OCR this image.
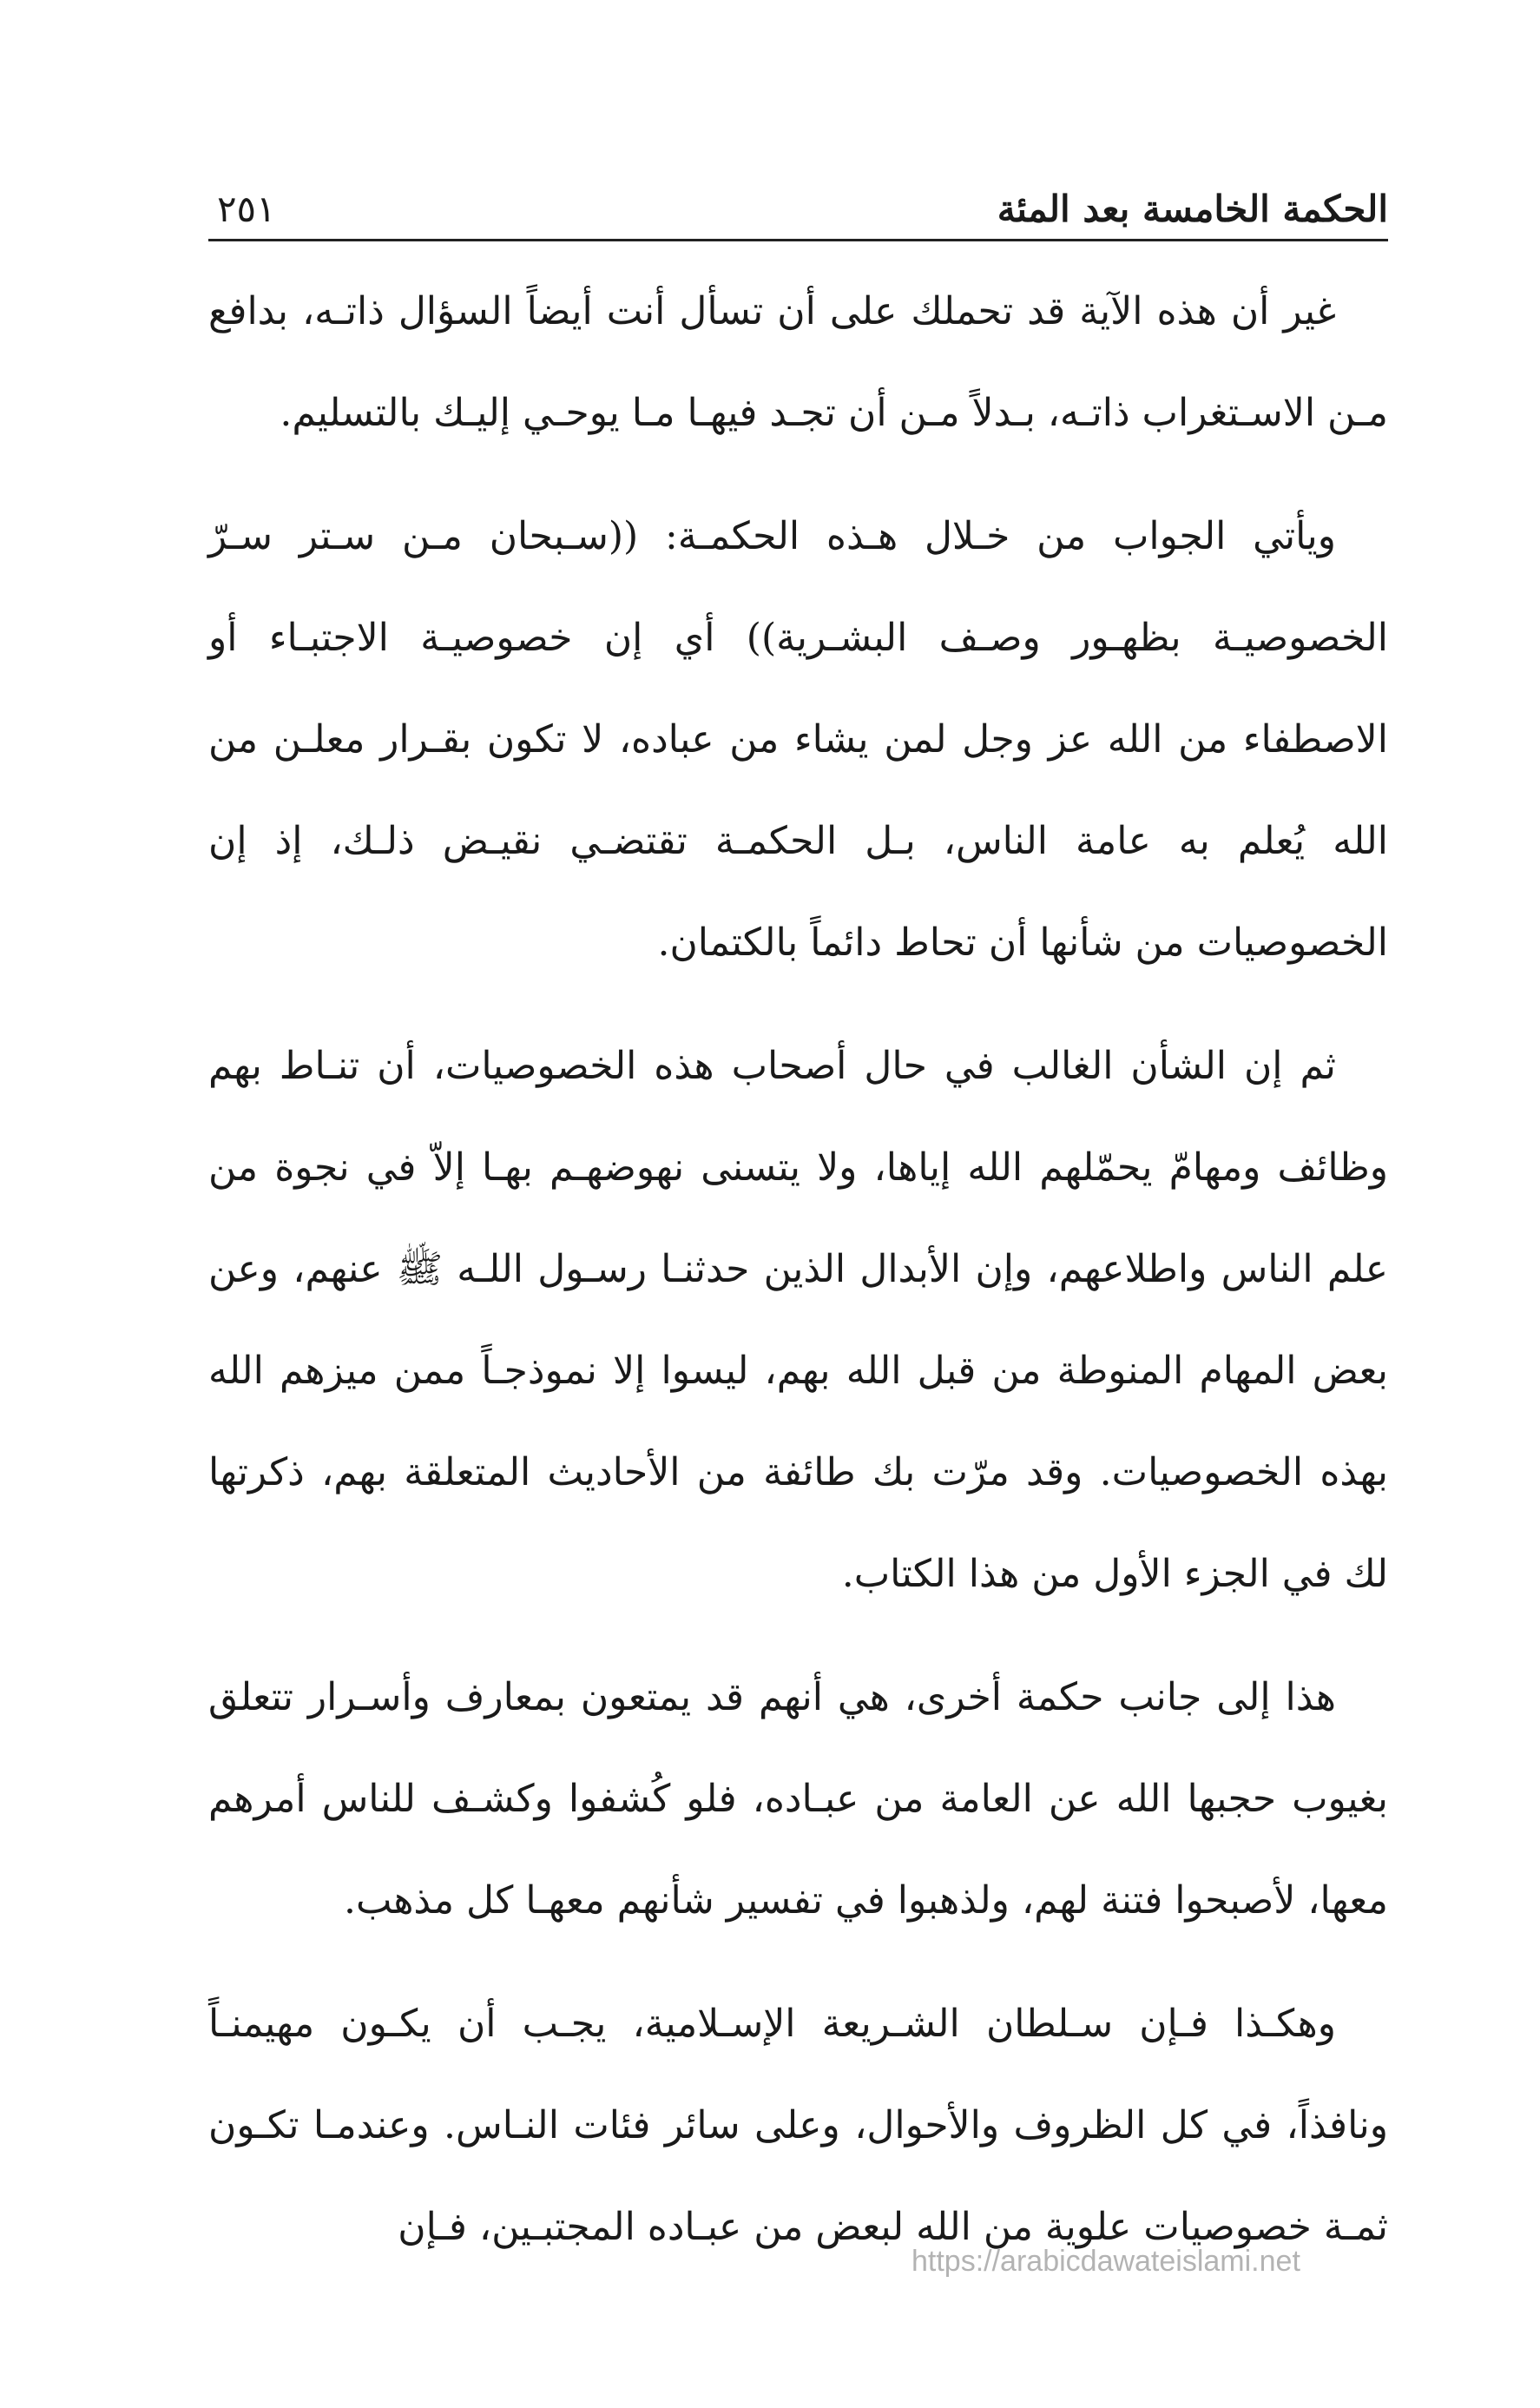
الحكمة الخامسة بعد المئة
٢٥١

غير أن هذه الآية قد تحملك على أن تسأل أنت أيضاً السؤال ذاتـه، بدافع مـن الاسـتغراب ذاتـه، بـدلاً مـن أن تجـد فيهـا مـا يوحـي إليـك بالتسليم.

ويأتي الجواب من خـلال هـذه الحكمـة: ((سـبحان مـن سـتر سـرّ الخصوصيـة بظهـور وصـف البشـرية)) أي إن خصوصيـة الاجتبـاء أو الاصطفاء من الله عز وجل لمن يشاء من عباده، لا تكون بقـرار معلـن من الله يُعلم به عامة الناس، بـل الحكمـة تقتضـي نقيـض ذلـك، إذ إن الخصوصيات من شأنها أن تحاط دائماً بالكتمان.

ثم إن الشأن الغالب في حال أصحاب هذه الخصوصيات، أن تنـاط بهم وظائف ومهامّ يحمّلهم الله إياها، ولا يتسنى نهوضهـم بهـا إلاّ في نجوة من علم الناس واطلاعهم، وإن الأبدال الذين حدثنـا رسـول اللـه ﷺ عنهم، وعن بعض المهام المنوطة من قبل الله بهم، ليسوا إلا نموذجـاً ممن ميزهم الله بهذه الخصوصيات. وقد مرّت بك طائفة من الأحاديث المتعلقة بهم، ذكرتها لك في الجزء الأول من هذا الكتاب.

هذا إلى جانب حكمة أخرى، هي أنهم قد يمتعون بمعارف وأسـرار تتعلق بغيوب حجبها الله عن العامة من عبـاده، فلو كُشفوا وكشـف للناس أمرهم معها، لأصبحوا فتنة لهم، ولذهبوا في تفسير شأنهم معهـا كل مذهب.

وهكـذا فـإن سـلطان الشـريعة الإسـلامية، يجـب أن يكـون مهيمنـاً ونافذاً، في كل الظروف والأحوال، وعلى سائر فئات النـاس. وعندمـا تكـون ثمـة خصوصيات علوية من الله لبعض من عبـاده المجتبـين، فـإن

https://arabicdawateislami.net
